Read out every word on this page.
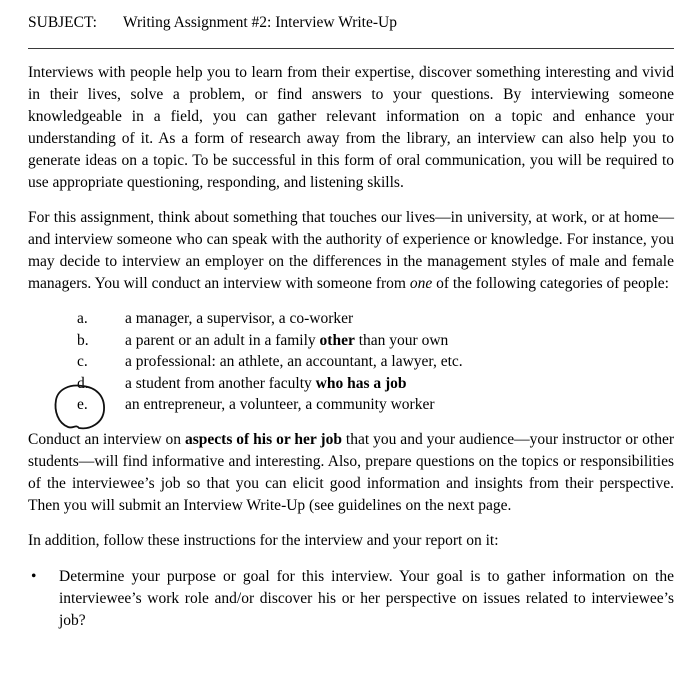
SUBJECT:	Writing Assignment #2: Interview Write-Up

Interviews with people help you to learn from their expertise, discover something interesting and vivid in their lives, solve a problem, or find answers to your questions. By interviewing someone knowledgeable in a field, you can gather relevant information on a topic and enhance your understanding of it. As a form of research away from the library, an interview can also help you to generate ideas on a topic. To be successful in this form of oral communication, you will be required to use appropriate questioning, responding, and listening skills.

For this assignment, think about something that touches our lives—in university, at work, or at home—and interview someone who can speak with the authority of experience or knowledge. For instance, you may decide to interview an employer on the differences in the management styles of male and female managers. You will conduct an interview with someone from one of the following categories of people:

a.	a manager, a supervisor, a co-worker
b.	a parent or an adult in a family other than your own
c.	a professional: an athlete, an accountant, a lawyer, etc.
d.	a student from another faculty who has a job
e.	an entrepreneur, a volunteer, a community worker

Conduct an interview on aspects of his or her job that you and your audience—your instructor or other students—will find informative and interesting. Also, prepare questions on the topics or responsibilities of the interviewee’s job so that you can elicit good information and insights from their perspective. Then you will submit an Interview Write-Up (see guidelines on the next page.

In addition, follow these instructions for the interview and your report on it:

•	Determine your purpose or goal for this interview. Your goal is to gather information on the interviewee’s work role and/or discover his or her perspective on issues related to interviewee’s job?
